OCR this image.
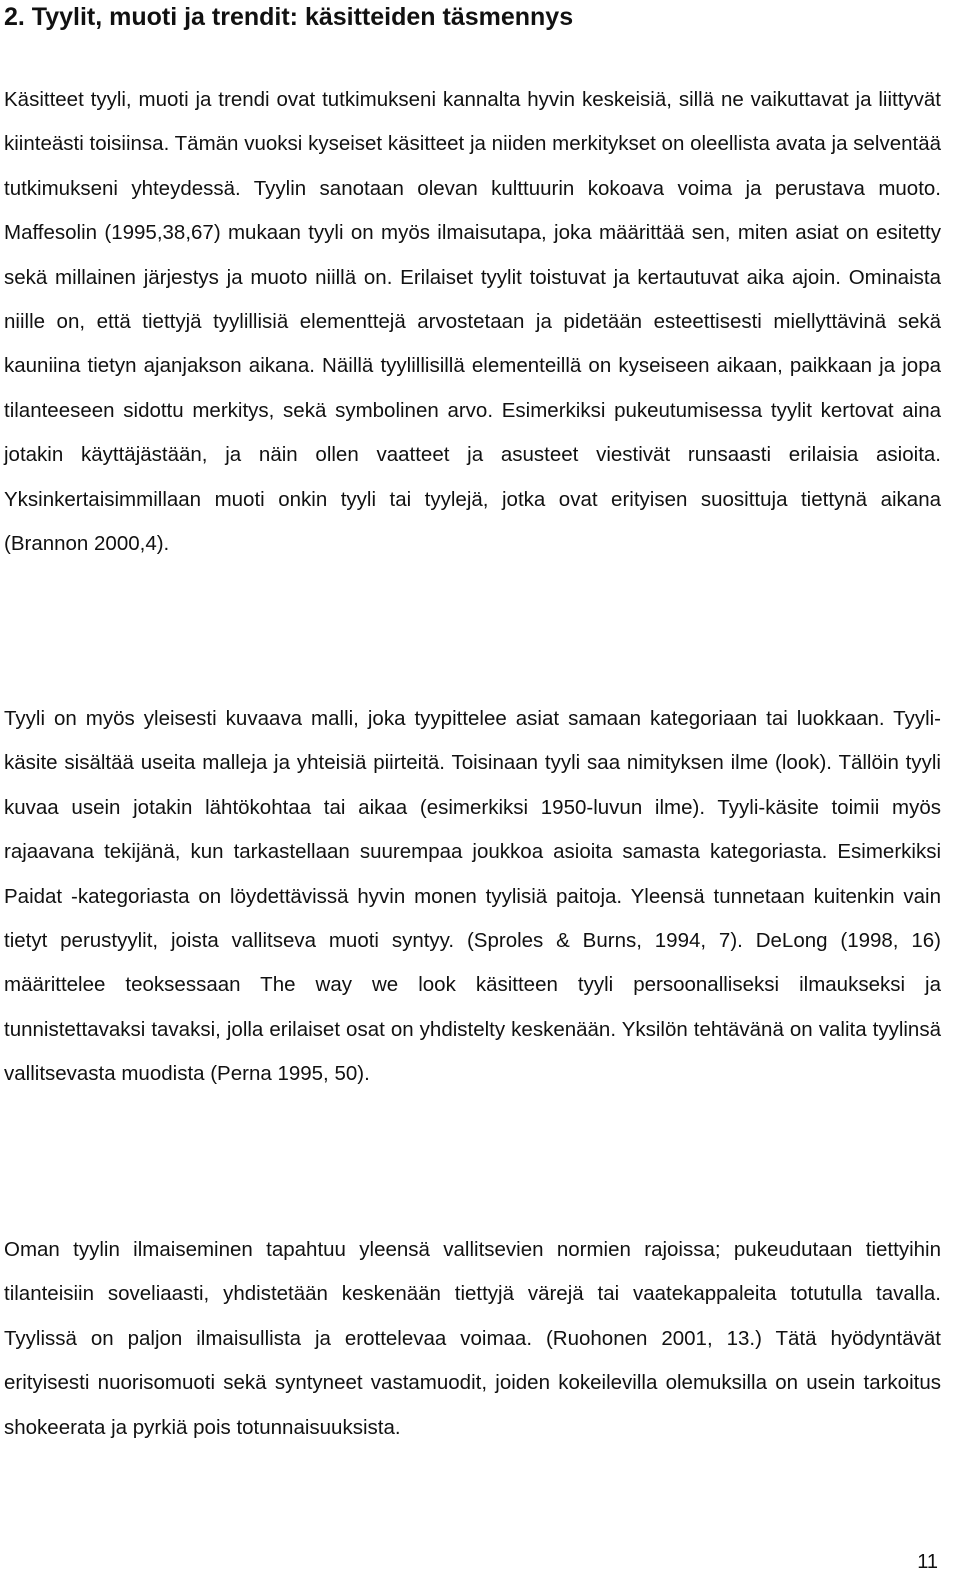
2. Tyylit, muoti ja trendit: käsitteiden täsmennys

Käsitteet tyyli, muoti ja trendi ovat tutkimukseni kannalta hyvin keskeisiä, sillä ne vaikuttavat ja liittyvät kiinteästi toisiinsa. Tämän vuoksi kyseiset käsitteet ja niiden merkitykset on oleellista avata ja selventää tutkimukseni yhteydessä. Tyylin sanotaan olevan kulttuurin kokoava voima ja perustava muoto. Maffesolin (1995,38,67) mukaan tyyli on myös ilmaisutapa, joka määrittää sen, miten asiat on esitetty sekä millainen järjestys ja muoto niillä on. Erilaiset tyylit toistuvat ja kertautuvat aika ajoin. Ominaista niille on, että tiettyjä tyylillisiä elementtejä arvostetaan ja pidetään esteettisesti miellyttävinä sekä kauniina tietyn ajanjakson aikana. Näillä tyylillisillä elementeillä on kyseiseen aikaan, paikkaan ja jopa tilanteeseen sidottu merkitys, sekä symbolinen arvo. Esimerkiksi pukeutumisessa tyylit kertovat aina jotakin käyttäjästään, ja näin ollen vaatteet ja asusteet viestivät runsaasti erilaisia asioita. Yksinkertaisimmillaan muoti onkin tyyli tai tyylejä, jotka ovat erityisen suosittuja tiettynä aikana (Brannon 2000,4).

Tyyli on myös yleisesti kuvaava malli, joka tyypittelee asiat samaan kategoriaan tai luokkaan. Tyyli-käsite sisältää useita malleja ja yhteisiä piirteitä. Toisinaan tyyli saa nimityksen ilme (look). Tällöin tyyli kuvaa usein jotakin lähtökohtaa tai aikaa (esimerkiksi 1950-luvun ilme). Tyyli-käsite toimii myös rajaavana tekijänä, kun tarkastellaan suurempaa joukkoa asioita samasta kategoriasta. Esimerkiksi Paidat -kategoriasta on löydettävissä hyvin monen tyylisiä paitoja. Yleensä tunnetaan kuitenkin vain tietyt perustyylit, joista vallitseva muoti syntyy. (Sproles & Burns, 1994, 7). DeLong (1998, 16) määrittelee teoksessaan The way we look käsitteen tyyli persoonalliseksi ilmaukseksi ja tunnistettavaksi tavaksi, jolla erilaiset osat on yhdistelty keskenään. Yksilön tehtävänä on valita tyylinsä vallitsevasta muodista (Perna 1995, 50).

Oman tyylin ilmaiseminen tapahtuu yleensä vallitsevien normien rajoissa; pukeudutaan tiettyihin tilanteisiin soveliaasti, yhdistetään keskenään tiettyjä värejä tai vaatekappaleita totutulla tavalla. Tyylissä on paljon ilmaisullista ja erottelevaa voimaa. (Ruohonen 2001, 13.) Tätä hyödyntävät erityisesti nuorisomuoti sekä syntyneet vastamuodit, joiden kokeilevilla olemuksilla on usein tarkoitus shokeerata ja pyrkiä pois totunnaisuuksista.

11
